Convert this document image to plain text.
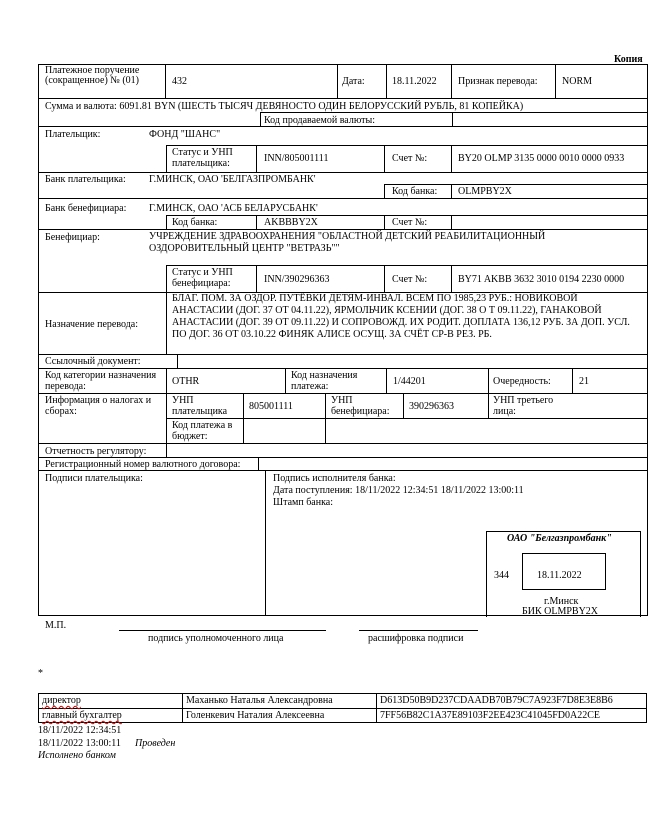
Копия
Платежное поручение (сокращенное) № (01)	432	Дата:	18.11.2022 Признак перевода: NORM
Сумма и валюта: 6091.81 BYN (ШЕСТЬ ТЫСЯЧ ДЕВЯНОСТО ОДИН БЕЛОРУССКИЙ РУБЛЬ, 81 КОПЕЙКА)
Код продаваемой валюты:
Плательщик:	ФОНД "ШАНС"
Статус и УНП плательщика:	INN/805001111	Счет №:	BY20 OLMP 3135 0000 0010 0000 0933
Банк плательщика: Г.МИНСК, ОАО 'БЕЛГАЗПРОМБАНК'
Код банка: OLMPBY2X
Банк бенефициара: Г.МИНСК, ОАО 'АСБ БЕЛАРУСБАНК'
Код банка:	AKBBBY2X	Счет №:
Бенефициар:	УЧРЕЖДЕНИЕ ЗДРАВООХРАНЕНИЯ "ОБЛАСТНОЙ ДЕТСКИЙ РЕАБИЛИТАЦИОННЫЙ ОЗДОРОВИТЕЛЬНЫЙ ЦЕНТР "ВЕТРАЗЬ""
Статус и УНП бенефициара:	INN/390296363	Счет №:	BY71 AKBB 3632 3010 0194 2230 0000
Назначение перевода:
БЛАГ. ПОМ. ЗА ОЗДОР. ПУТЁВКИ ДЕТЯМ-ИНВАЛ. ВСЕМ ПО 1985,23 РУБ.: НОВИКОВОЙ АНАСТАСИИ (ДОГ. 37 ОТ 04.11.22), ЯРМОЛЬЧИК КСЕНИИ (ДОГ. 38 О Т 09.11.22), ГАНАКОВОЙ АНАСТАСИИ (ДОГ. 39 ОТ 09.11.22) И СОПРОВОЖД. ИХ РОДИТ. ДОПЛАТА 136,12 РУБ. ЗА ДОП. УСЛ. ПО ДОГ. 36 ОТ 03.10.22 ФИНЯК АЛИСЕ ОСУЩ. ЗА СЧЁТ СР-В РЕЗ. РБ.
Ссылочный документ:
Код категории назначения перевода:	OTHR
Код назначения платежа:	1/44201	Очередность:	21
Информация о налогах и сборах:
УНП плательщика	805001111
УНП бенефициара:	390296363
УНП третьего лица:
Код платежа в бюджет:
Отчетность регулятору:
Регистрационный номер валютного договора:
Подписи плательщика:	Подпись исполнителя банка:
Дата поступления: 18/11/2022 12:34:51 18/11/2022 13:00:11
Штамп банка:
ОАО "Белгазпромбанк"
344	18.11.2022
г.Минск
БИК OLMPBY2X
М.П.
подпись уполномоченного лица	расшифровка подписи
*
директор	Маханько Наталья Александровна	D613D50B9D237CDAADB70B79C7A923F7D8E3E8B6
главный бухгалтер	Голенкевич Наталия Алексеевна	7FF56B82C1A37E89103F2EE423C41045FD0A22CE
18/11/2022 12:34:51
18/11/2022 13:00:11 Проведен
Исполнено банком
